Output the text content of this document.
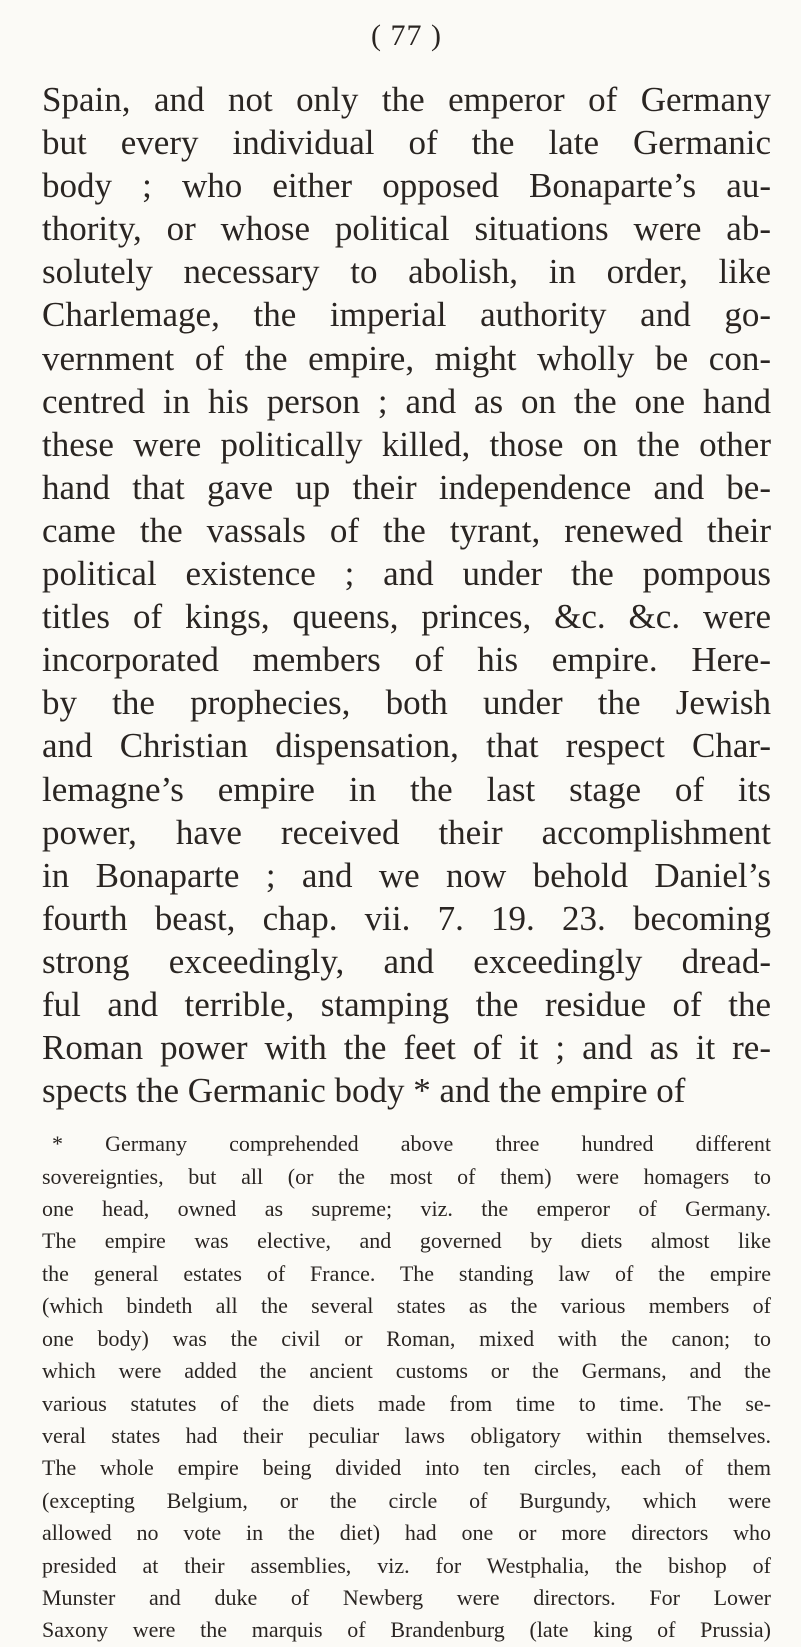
( 77 )
Spain, and not only the emperor of Germany
but every individual of the late Germanic
body ; who either opposed Bonaparte’s au-
thority, or whose political situations were ab-
solutely necessary to abolish, in order, like
Charlemage, the imperial authority and go-
vernment of the empire, might wholly be con-
centred in his person ; and as on the one hand
these were politically killed, those on the other
hand that gave up their independence and be-
came the vassals of the tyrant, renewed their
political existence ; and under the pompous
titles of kings, queens, princes, &c. &c. were
incorporated members of his empire. Here-
by the prophecies, both under the Jewish
and Christian dispensation, that respect Char-
lemagne’s empire in the last stage of its
power, have received their accomplishment
in Bonaparte ; and we now behold Daniel’s
fourth beast, chap. vii. 7. 19. 23. becoming
strong exceedingly, and exceedingly dread-
ful and terrible, stamping the residue of the
Roman power with the feet of it ; and as it re-
spects the Germanic body * and the empire of
* Germany comprehended above three hundred different
sovereignties, but all (or the most of them) were homagers to
one head, owned as supreme; viz. the emperor of Germany.
The empire was elective, and governed by diets almost like
the general estates of France. The standing law of the empire
(which bindeth all the several states as the various members of
one body) was the civil or Roman, mixed with the canon; to
which were added the ancient customs or the Germans, and the
various statutes of the diets made from time to time. The se-
veral states had their peculiar laws obligatory within themselves.
The whole empire being divided into ten circles, each of them
(excepting Belgium, or the circle of Burgundy, which were
allowed no vote in the diet) had one or more directors who
presided at their assemblies, viz. for Westphalia, the bishop of
Munster and duke of Newberg were directors. For Lower
Saxony were the marquis of Brandenburg (late king of Prussia)
